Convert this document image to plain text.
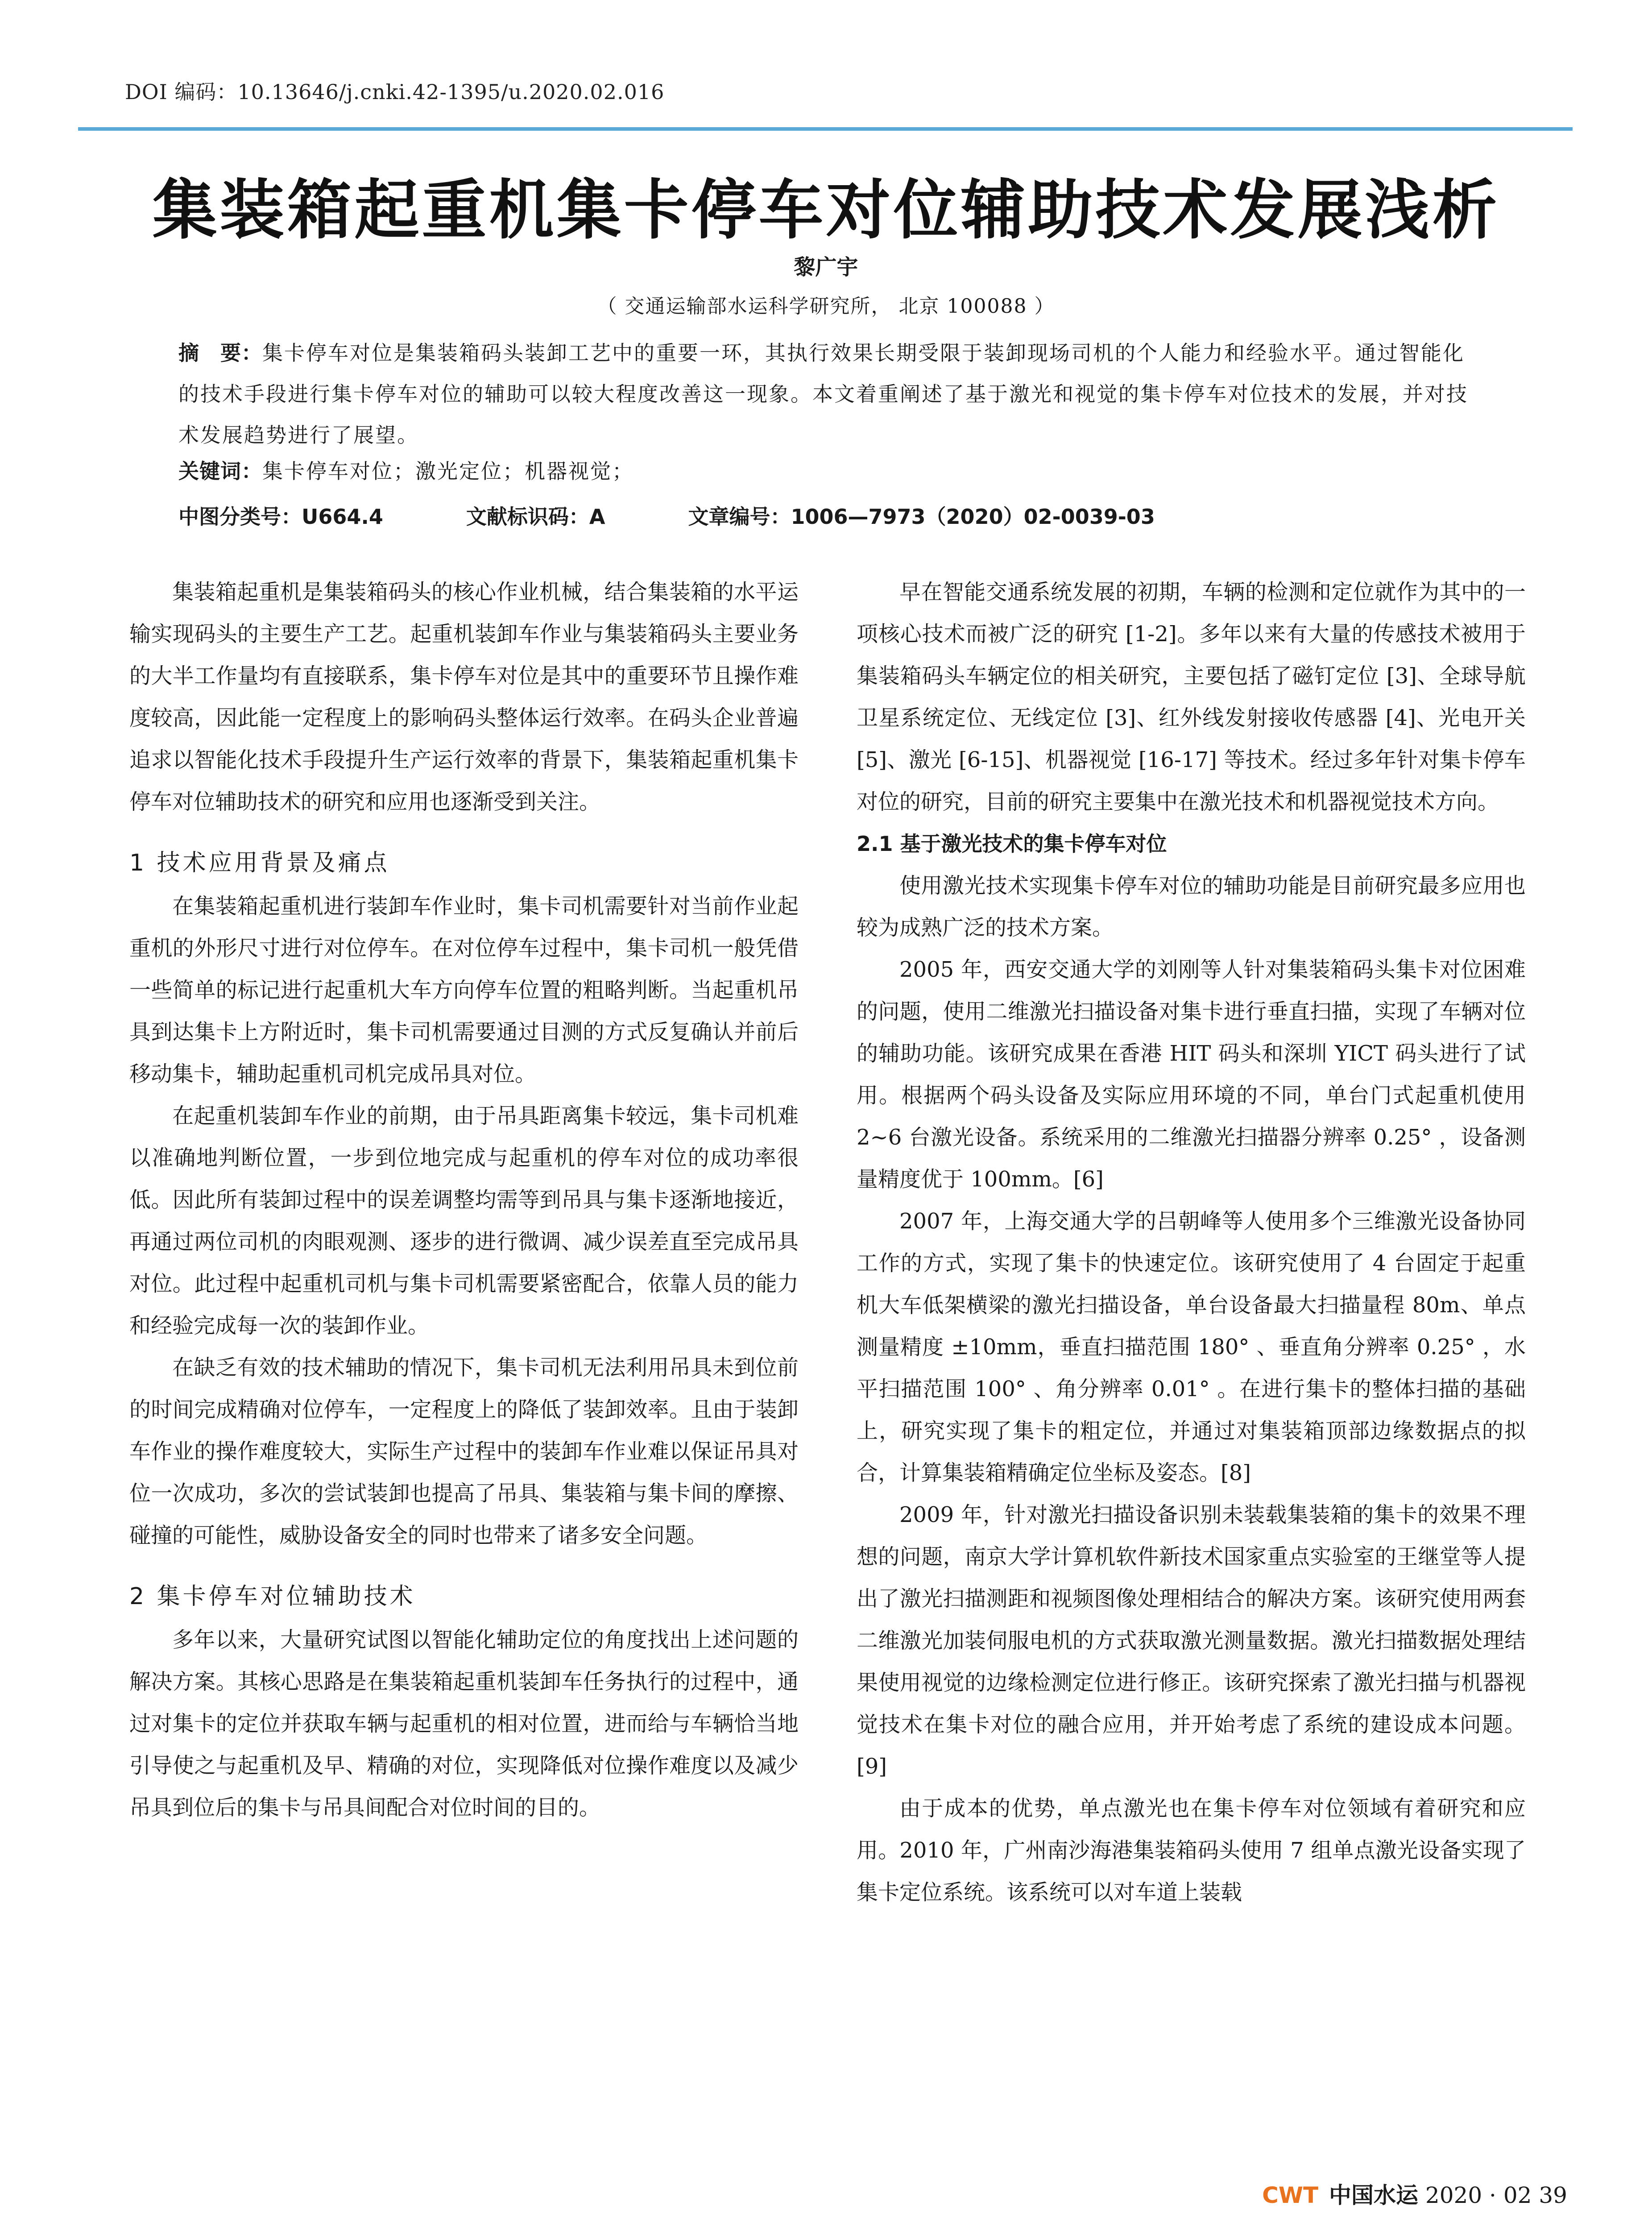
DOI 编码：10.13646/j.cnki.42-1395/u.2020.02.016
集装箱起重机集卡停车对位辅助技术发展浅析
黎广宇
（ 交通运输部水运科学研究所， 北京 100088 ）
摘　要：集卡停车对位是集装箱码头装卸工艺中的重要一环，其执行效果长期受限于装卸现场司机的个人能力和经验水平。通过智能化的技术手段进行集卡停车对位的辅助可以较大程度改善这一现象。本文着重阐述了基于激光和视觉的集卡停车对位技术的发展，并对技术发展趋势进行了展望。
关键词：集卡停车对位；激光定位；机器视觉；
中图分类号：U664.4	文献标识码：A	文章编号：1006—7973（2020）02-0039-03

集装箱起重机是集装箱码头的核心作业机械，结合集装箱的水平运输实现码头的主要生产工艺。起重机装卸车作业与集装箱码头主要业务的大半工作量均有直接联系，集卡停车对位是其中的重要环节且操作难度较高，因此能一定程度上的影响码头整体运行效率。在码头企业普遍追求以智能化技术手段提升生产运行效率的背景下，集装箱起重机集卡停车对位辅助技术的研究和应用也逐渐受到关注。

1 技术应用背景及痛点

在集装箱起重机进行装卸车作业时，集卡司机需要针对当前作业起重机的外形尺寸进行对位停车。在对位停车过程中，集卡司机一般凭借一些简单的标记进行起重机大车方向停车位置的粗略判断。当起重机吊具到达集卡上方附近时，集卡司机需要通过目测的方式反复确认并前后移动集卡，辅助起重机司机完成吊具对位。

在起重机装卸车作业的前期，由于吊具距离集卡较远，集卡司机难以准确地判断位置，一步到位地完成与起重机的停车对位的成功率很低。因此所有装卸过程中的误差调整均需等到吊具与集卡逐渐地接近，再通过两位司机的肉眼观测、逐步的进行微调、减少误差直至完成吊具对位。此过程中起重机司机与集卡司机需要紧密配合，依靠人员的能力和经验完成每一次的装卸作业。

在缺乏有效的技术辅助的情况下，集卡司机无法利用吊具未到位前的时间完成精确对位停车，一定程度上的降低了装卸效率。且由于装卸车作业的操作难度较大，实际生产过程中的装卸车作业难以保证吊具对位一次成功，多次的尝试装卸也提高了吊具、集装箱与集卡间的摩擦、碰撞的可能性，威胁设备安全的同时也带来了诸多安全问题。

2 集卡停车对位辅助技术

多年以来，大量研究试图以智能化辅助定位的角度找出上述问题的解决方案。其核心思路是在集装箱起重机装卸车任务执行的过程中，通过对集卡的定位并获取车辆与起重机的相对位置，进而给与车辆恰当地引导使之与起重机及早、精确的对位，实现降低对位操作难度以及减少吊具到位后的集卡与吊具间配合对位时间的目的。

早在智能交通系统发展的初期，车辆的检测和定位就作为其中的一项核心技术而被广泛的研究 [1-2]。多年以来有大量的传感技术被用于集装箱码头车辆定位的相关研究，主要包括了磁钉定位 [3]、全球导航卫星系统定位、无线定位 [3]、红外线发射接收传感器 [4]、光电开关 [5]、激光 [6-15]、机器视觉 [16-17] 等技术。经过多年针对集卡停车对位的研究，目前的研究主要集中在激光技术和机器视觉技术方向。

2.1 基于激光技术的集卡停车对位

使用激光技术实现集卡停车对位的辅助功能是目前研究最多应用也较为成熟广泛的技术方案。

2005 年，西安交通大学的刘刚等人针对集装箱码头集卡对位困难的问题，使用二维激光扫描设备对集卡进行垂直扫描，实现了车辆对位的辅助功能。该研究成果在香港 HIT 码头和深圳 YICT 码头进行了试用。根据两个码头设备及实际应用环境的不同，单台门式起重机使用 2~6 台激光设备。系统采用的二维激光扫描器分辨率 0.25° ，设备测量精度优于 100mm。[6]

2007 年，上海交通大学的吕朝峰等人使用多个三维激光设备协同工作的方式，实现了集卡的快速定位。该研究使用了 4 台固定于起重机大车低架横梁的激光扫描设备，单台设备最大扫描量程 80m、单点测量精度 ±10mm，垂直扫描范围 180° 、垂直角分辨率 0.25° ，水平扫描范围 100° 、角分辨率 0.01° 。在进行集卡的整体扫描的基础上，研究实现了集卡的粗定位，并通过对集装箱顶部边缘数据点的拟合，计算集装箱精确定位坐标及姿态。[8]

2009 年，针对激光扫描设备识别未装载集装箱的集卡的效果不理想的问题，南京大学计算机软件新技术国家重点实验室的王继堂等人提出了激光扫描测距和视频图像处理相结合的解决方案。该研究使用两套二维激光加装伺服电机的方式获取激光测量数据。激光扫描数据处理结果使用视觉的边缘检测定位进行修正。该研究探索了激光扫描与机器视觉技术在集卡对位的融合应用，并开始考虑了系统的建设成本问题。[9]

由于成本的优势，单点激光也在集卡停车对位领域有着研究和应用。2010 年，广州南沙海港集装箱码头使用 7 组单点激光设备实现了集卡定位系统。该系统可以对车道上装载

CWT 中国水运 2020 · 02 39
